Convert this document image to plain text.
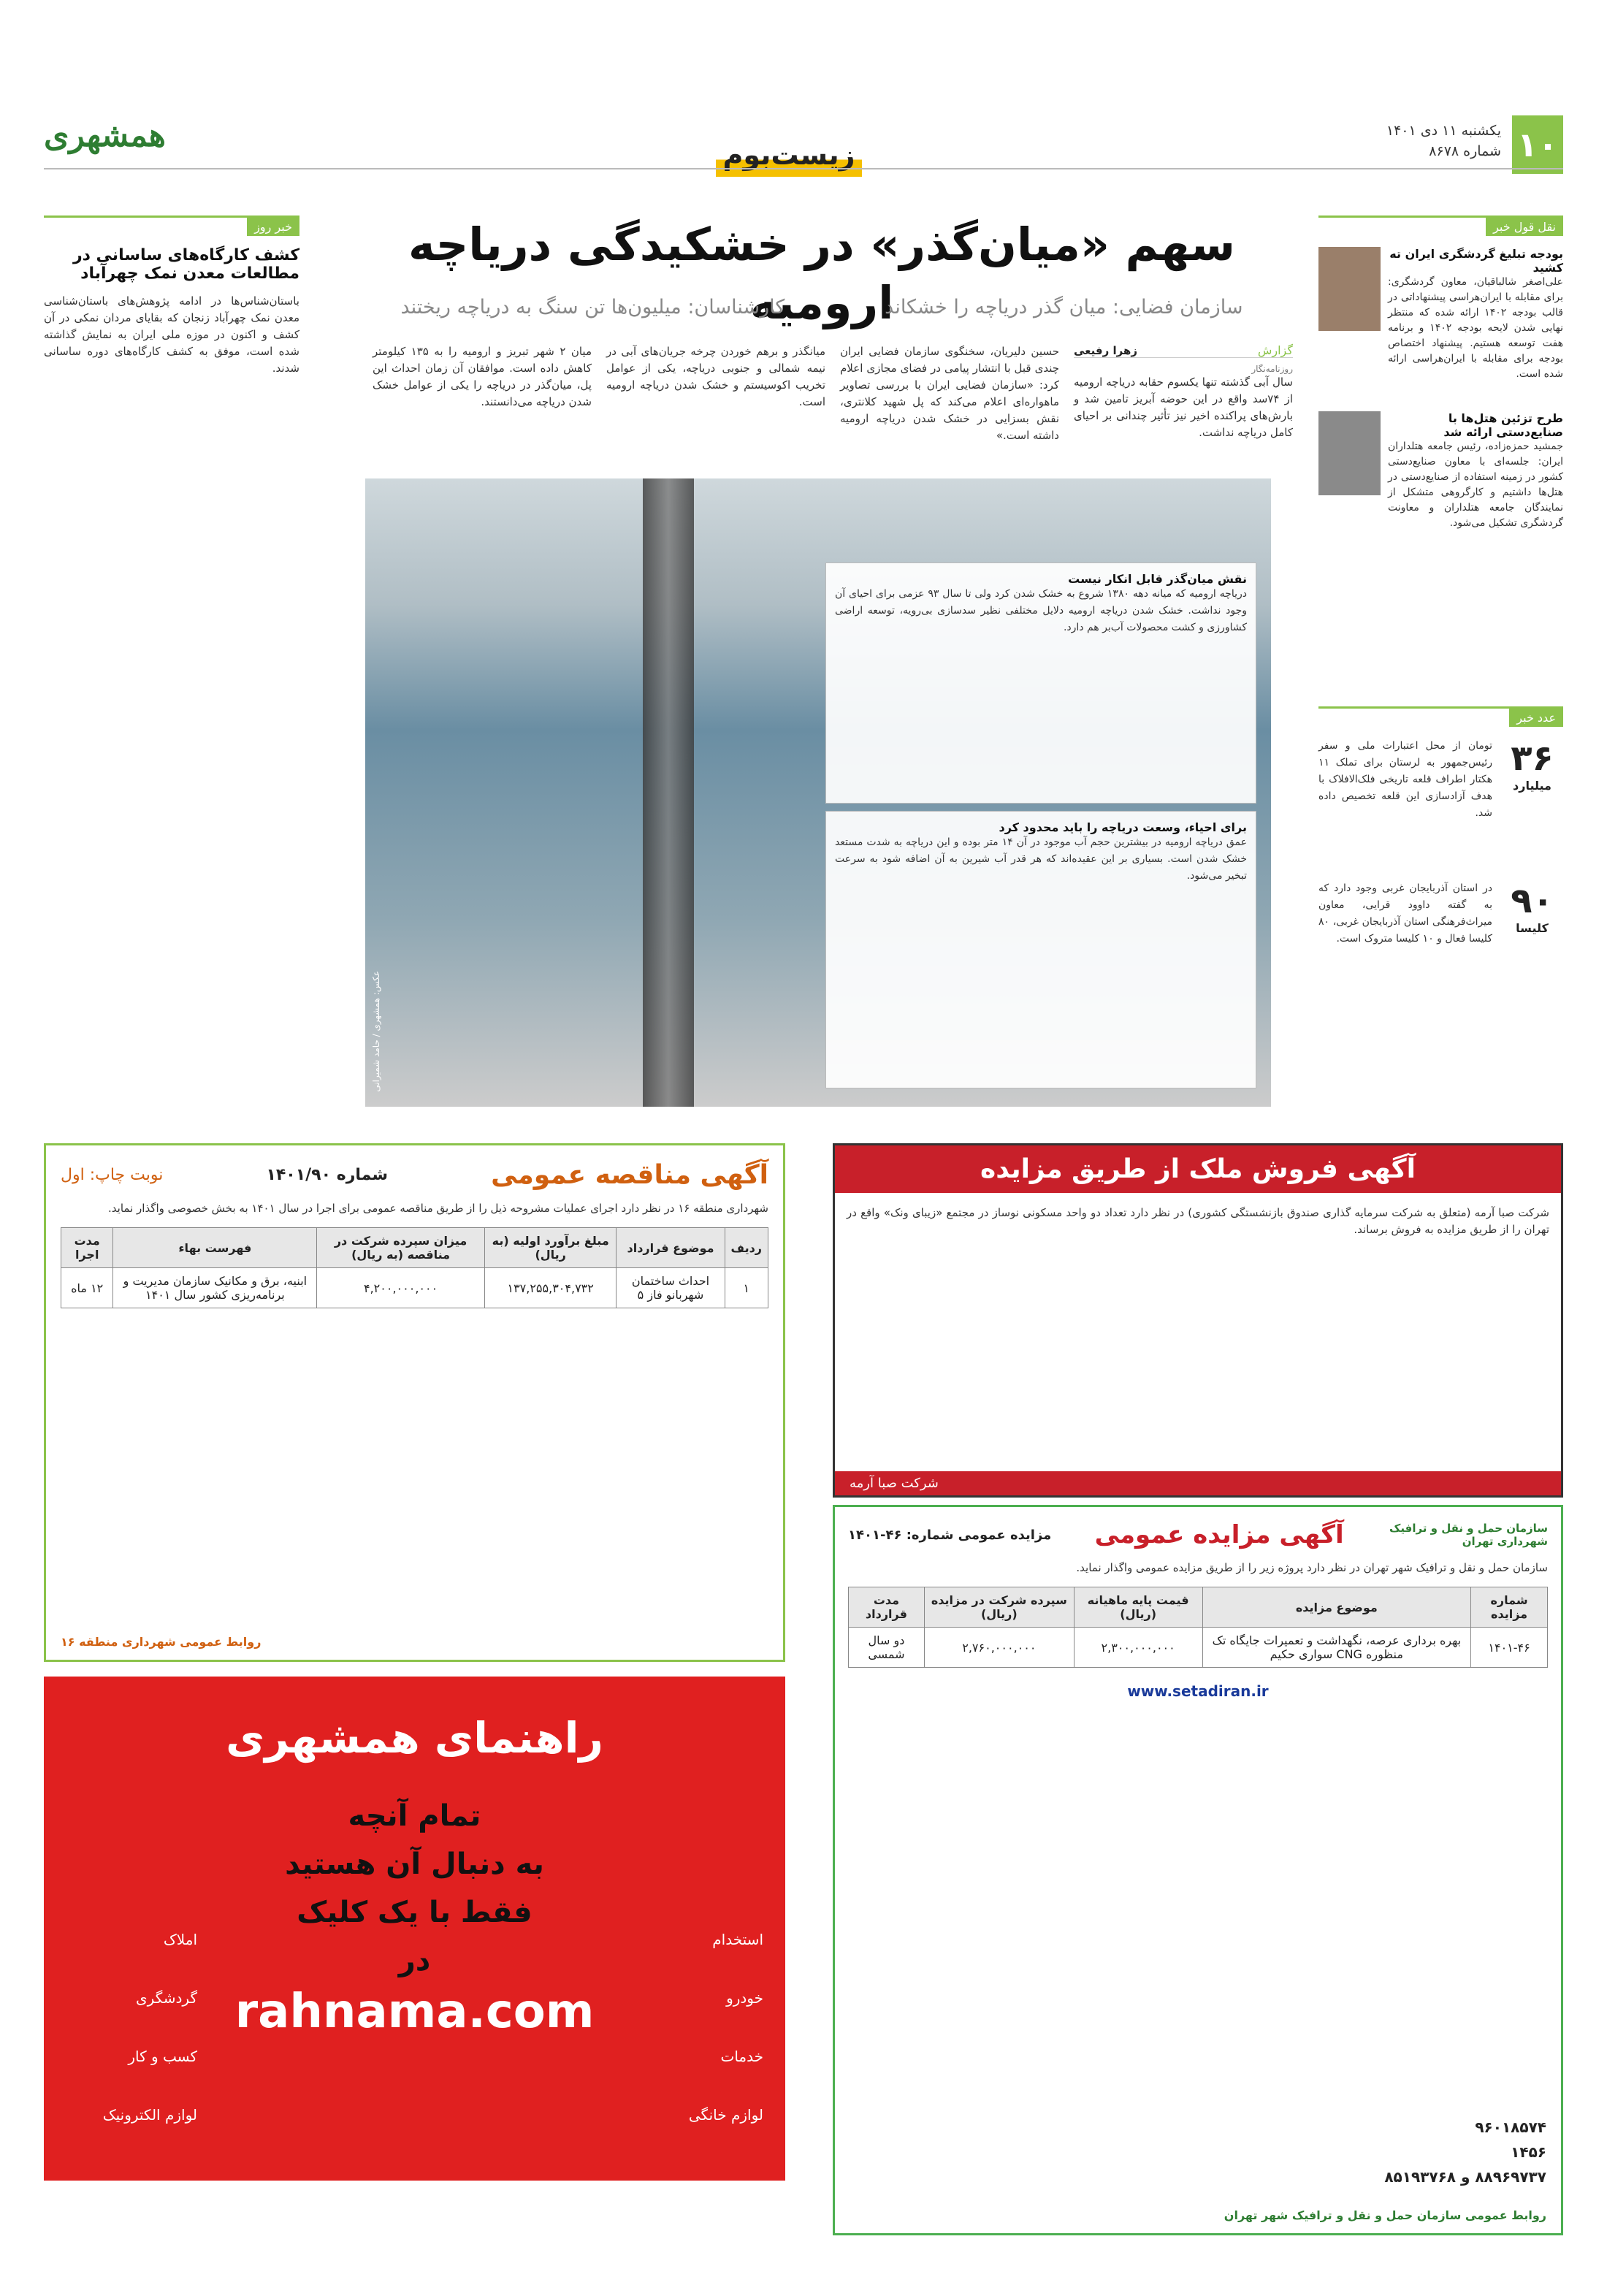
۱۰
یکشنبه ۱۱ دی ۱۴۰۱
شماره ۸۶۷۸
زیست‌بوم
همشهری
نقل قول خبر
بودجه تبلیغ گردشگری ایران ته کشید
علی‌اصغر شالباقیان، معاون گردشگری: برای مقابله با ایران‌هراسی پیشنهاداتی در قالب بودجه ۱۴۰۲ ارائه شده که منتظر نهایی شدن لایحه بودجه ۱۴۰۲ و برنامه هفت توسعه هستیم. پیشنهاد اختصاص بودجه برای مقابله با ایران‌هراسی ارائه شده است.
طرح تزئین هتل‌ها با صنایع‌دستی ارائه شد
جمشید حمزه‌زاده، رئیس جامعه هتلداران ایران: جلسه‌ای با معاون صنایع‌دستی کشور در زمینه استفاده از صنایع‌دستی در هتل‌ها داشتیم و کارگروهی متشکل از نمایندگان جامعه هتلداران و معاونت گردشگری تشکیل می‌شود.
عدد خبر
۳۶
میلیارد
تومان از محل اعتبارات ملی و سفر رئیس‌جمهور به لرستان برای تملک ۱۱ هکتار اطراف قلعه تاریخی فلک‌الافلاک با هدف آزادسازی این قلعه تخصیص داده شد.
۹۰
کلیسا
در استان آذربایجان غربی وجود دارد که به گفته داوود قرایی، معاون میراث‌فرهنگی استان آذربایجان غربی، ۸۰ کلیسا فعال و ۱۰ کلیسا متروک است.
سهم «میان‌گذر» در خشکیدگی دریاچه ارومیه
سازمان فضایی: میان گذر دریاچه را خشکاند
کارشناسان: میلیون‌ها تن سنگ به دریاچه ریختند
گزارش
زهرا رفیعی
روزنامه‌نگار
سال آبی گذشته تنها یکسوم حقابه دریاچه ارومیه از ۷۴سد واقع در این حوضه آبریز تامین شد و بارش‌های پراکنده اخیر نیز تأثیر چندانی بر احیای کامل دریاچه نداشت.
حسین دلیریان، سخنگوی سازمان فضایی ایران چندی قبل با انتشار پیامی در فضای مجازی اعلام کرد: «سازمان فضایی ایران با بررسی تصاویر ماهواره‌ای اعلام می‌کند که پل شهید کلانتری، نقش بسزایی در خشک شدن دریاچه ارومیه داشته است.»
میانگذر و برهم خوردن چرخه جریان‌های آبی در نیمه شمالی و جنوبی دریاچه، یکی از عوامل تخریب اکوسیستم و خشک شدن دریاچه ارومیه است.
میان ۲ شهر تبریز و ارومیه را به ۱۳۵ کیلومتر کاهش داده است. موافقان آن زمان احداث این پل، میان‌گذر در دریاچه را یکی از عوامل خشک شدن دریاچه می‌دانستند.
عکس: همشهری / حامد شمیرانی
نقش میان‌گذر قابل انکار نیست
دریاچه ارومیه که میانه دهه ۱۳۸۰ شروع به خشک شدن کرد ولی تا سال ۹۳ عزمی برای احیای آن وجود نداشت. خشک شدن دریاچه ارومیه دلایل مختلفی نظیر سدسازی بی‌رویه، توسعه اراضی کشاورزی و کشت محصولات آب‌بر هم دارد.
برای احیاء، وسعت دریاچه را باید محدود کرد
عمق دریاچه ارومیه در بیشترین حجم آب موجود در آن ۱۴ متر بوده و این دریاچه به شدت مستعد خشک شدن است. بسیاری بر این عقیده‌اند که هر قدر آب شیرین به آن اضافه شود به سرعت تبخیر می‌شود.
خبر روز
کشف کارگاه‌های ساسانی در مطالعات معدن نمک چهرآباد
باستان‌شناس‌ها در ادامه پژوهش‌های باستان‌شناسی معدن نمک چهرآباد زنجان که بقایای مردان نمکی در آن کشف و اکنون در موزه ملی ایران به نمایش گذاشته شده است، موفق به کشف کارگاه‌های دوره ساسانی شدند.
آگهی مناقصه عمومی
شماره ۱۴۰۱/۹۰
نوبت چاپ: اول
شهرداری منطقه ۱۶ در نظر دارد اجرای عملیات مشروحه ذیل را از طریق مناقصه عمومی برای اجرا در سال ۱۴۰۱ به بخش خصوصی واگذار نماید.
ردیف	موضوع قرارداد	مبلغ برآورد اولیه (به ریال)	میزان سپرده شرکت در مناقصه (به ریال)	فهرست بهاء	مدت اجرا
۱	احداث ساختمان شهربانو فاز ۵	۱۳۷,۲۵۵,۳۰۴,۷۳۲	۴,۲۰۰,۰۰۰,۰۰۰	ابنیه، برق و مکانیک سازمان مدیریت و برنامه‌ریزی کشور سال ۱۴۰۱	۱۲ ماه
روابط عمومی شهرداری منطقه ۱۶
آگهی فروش ملک از طریق مزایده
شرکت صبا آرمه (متعلق به شرکت سرمایه گذاری صندوق بازنشستگی کشوری) در نظر دارد تعداد دو واحد مسکونی نوساز در مجتمع «زیبای ونک» واقع در تهران را از طریق مزایده به فروش برساند.
شرکت صبا آرمه
سازمان حمل و نقل و ترافیک شهرداری تهران
آگهی مزایده عمومی
مزایده عمومی شماره: ۴۶-۱۴۰۱
سازمان حمل و نقل و ترافیک شهر تهران در نظر دارد پروژه زیر را از طریق مزایده عمومی واگذار نماید.
شماره مزایده	موضوع مزایده	قیمت پایه ماهیانه (ریال)	سپرده شرکت در مزایده (ریال)	مدت قرارداد
۱۴۰۱-۴۶	بهره برداری عرصه، نگهداشت و تعمیرات جایگاه تک منظوره CNG سواری حکیم	۲,۳۰۰,۰۰۰,۰۰۰	۲,۷۶۰,۰۰۰,۰۰۰	دو سال شمسی
www.setadiran.ir
۹۶۰۱۸۵۷۴
۱۴۵۶
۸۸۹۶۹۷۳۷ و ۸۵۱۹۳۷۶۸
روابط عمومی سازمان حمل و نقل و ترافیک شهر تهران
راهنمای همشهری
تمام آنچه
به دنبال آن هستید
فقط با یک کلیک
در
rahnama.com
املاک
گردشگری
کسب و کار
لوازم الکترونیک
استخدام
خودرو
خدمات
لوازم خانگی
